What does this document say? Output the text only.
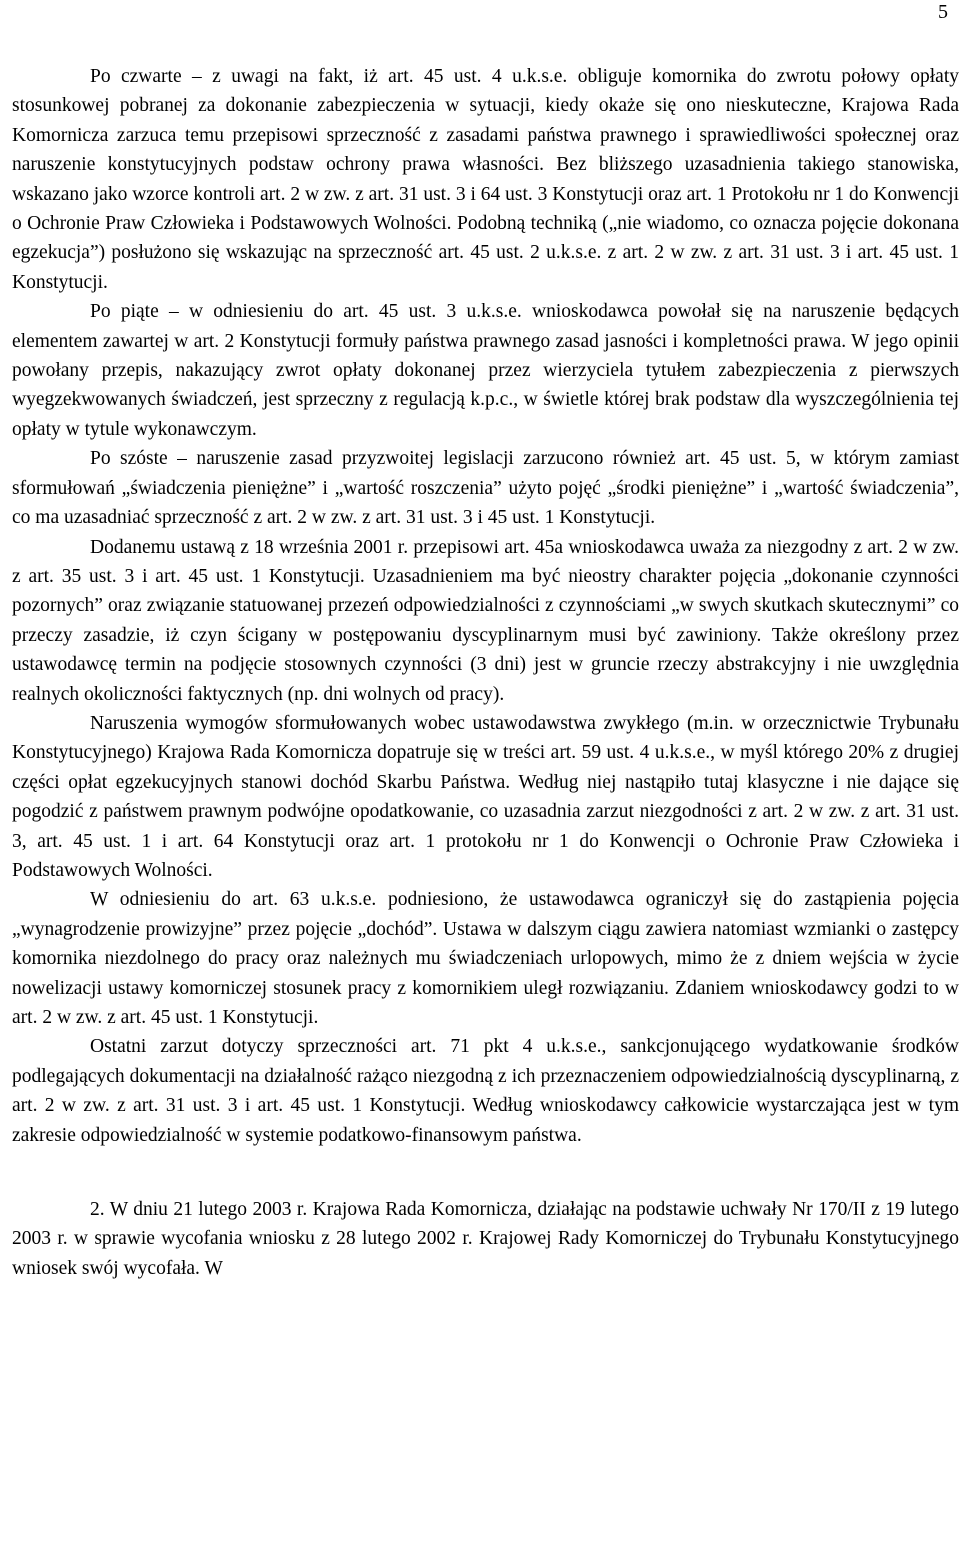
5

Po czwarte – z uwagi na fakt, iż art. 45 ust. 4 u.k.s.e. obliguje komornika do zwrotu połowy opłaty stosunkowej pobranej za dokonanie zabezpieczenia w sytuacji, kiedy okaże się ono nieskuteczne, Krajowa Rada Komornicza zarzuca temu przepisowi sprzeczność z zasadami państwa prawnego i sprawiedliwości społecznej oraz naruszenie konstytucyjnych podstaw ochrony prawa własności. Bez bliższego uzasadnienia takiego stanowiska, wskazano jako wzorce kontroli art. 2 w zw. z art. 31 ust. 3 i 64 ust. 3 Konstytucji oraz art. 1 Protokołu nr 1 do Konwencji o Ochronie Praw Człowieka i Podstawowych Wolności. Podobną techniką („nie wiadomo, co oznacza pojęcie dokonana egzekucja”) posłużono się wskazując na sprzeczność art. 45 ust. 2 u.k.s.e. z art. 2 w zw. z art. 31 ust. 3 i art. 45 ust. 1 Konstytucji.

Po piąte – w odniesieniu do art. 45 ust. 3 u.k.s.e. wnioskodawca powołał się na naruszenie będących elementem zawartej w art. 2 Konstytucji formuły państwa prawnego zasad jasności i kompletności prawa. W jego opinii powołany przepis, nakazujący zwrot opłaty dokonanej przez wierzyciela tytułem zabezpieczenia z pierwszych wyegzekwowanych świadczeń, jest sprzeczny z regulacją k.p.c., w świetle której brak podstaw dla wyszczególnienia tej opłaty w tytule wykonawczym.

Po szóste – naruszenie zasad przyzwoitej legislacji zarzucono również art. 45 ust. 5, w którym zamiast sformułowań „świadczenia pieniężne” i „wartość roszczenia” użyto pojęć „środki pieniężne” i „wartość świadczenia”, co ma uzasadniać sprzeczność z art. 2 w zw. z art. 31 ust. 3 i 45 ust. 1 Konstytucji.

Dodanemu ustawą z 18 września 2001 r. przepisowi art. 45a wnioskodawca uważa za niezgodny z art. 2 w zw. z art. 35 ust. 3 i art. 45 ust. 1 Konstytucji. Uzasadnieniem ma być nieostry charakter pojęcia „dokonanie czynności pozornych” oraz związanie statuowanej przezeń odpowiedzialności z czynnościami „w swych skutkach skutecznymi” co przeczy zasadzie, iż czyn ścigany w postępowaniu dyscyplinarnym musi być zawiniony. Także określony przez ustawodawcę termin na podjęcie stosownych czynności (3 dni) jest w gruncie rzeczy abstrakcyjny i nie uwzględnia realnych okoliczności faktycznych (np. dni wolnych od pracy).

Naruszenia wymogów sformułowanych wobec ustawodawstwa zwykłego (m.in. w orzecznictwie Trybunału Konstytucyjnego) Krajowa Rada Komornicza dopatruje się w treści art. 59 ust. 4 u.k.s.e., w myśl którego 20% z drugiej części opłat egzekucyjnych stanowi dochód Skarbu Państwa. Według niej nastąpiło tutaj klasyczne i nie dające się pogodzić z państwem prawnym podwójne opodatkowanie, co uzasadnia zarzut niezgodności z art. 2 w zw. z art. 31 ust. 3, art. 45 ust. 1 i art. 64 Konstytucji oraz art. 1 protokołu nr 1 do Konwencji o Ochronie Praw Człowieka i Podstawowych Wolności.

W odniesieniu do art. 63 u.k.s.e. podniesiono, że ustawodawca ograniczył się do zastąpienia pojęcia „wynagrodzenie prowizyjne” przez pojęcie „dochód”. Ustawa w dalszym ciągu zawiera natomiast wzmianki o zastępcy komornika niezdolnego do pracy oraz należnych mu świadczeniach urlopowych, mimo że z dniem wejścia w życie nowelizacji ustawy komorniczej stosunek pracy z komornikiem uległ rozwiązaniu. Zdaniem wnioskodawcy godzi to w art. 2 w zw. z art. 45 ust. 1 Konstytucji.

Ostatni zarzut dotyczy sprzeczności art. 71 pkt 4 u.k.s.e., sankcjonującego wydatkowanie środków podlegających dokumentacji na działalność rażąco niezgodną z ich przeznaczeniem odpowiedzialnością dyscyplinarną, z art. 2 w zw. z art. 31 ust. 3 i art. 45 ust. 1 Konstytucji. Według wnioskodawcy całkowicie wystarczająca jest w tym zakresie odpowiedzialność w systemie podatkowo-finansowym państwa.

2. W dniu 21 lutego 2003 r. Krajowa Rada Komornicza, działając na podstawie uchwały Nr 170/II z 19 lutego 2003 r. w sprawie wycofania wniosku z 28 lutego 2002 r. Krajowej Rady Komorniczej do Trybunału Konstytucyjnego wniosek swój wycofała. W
